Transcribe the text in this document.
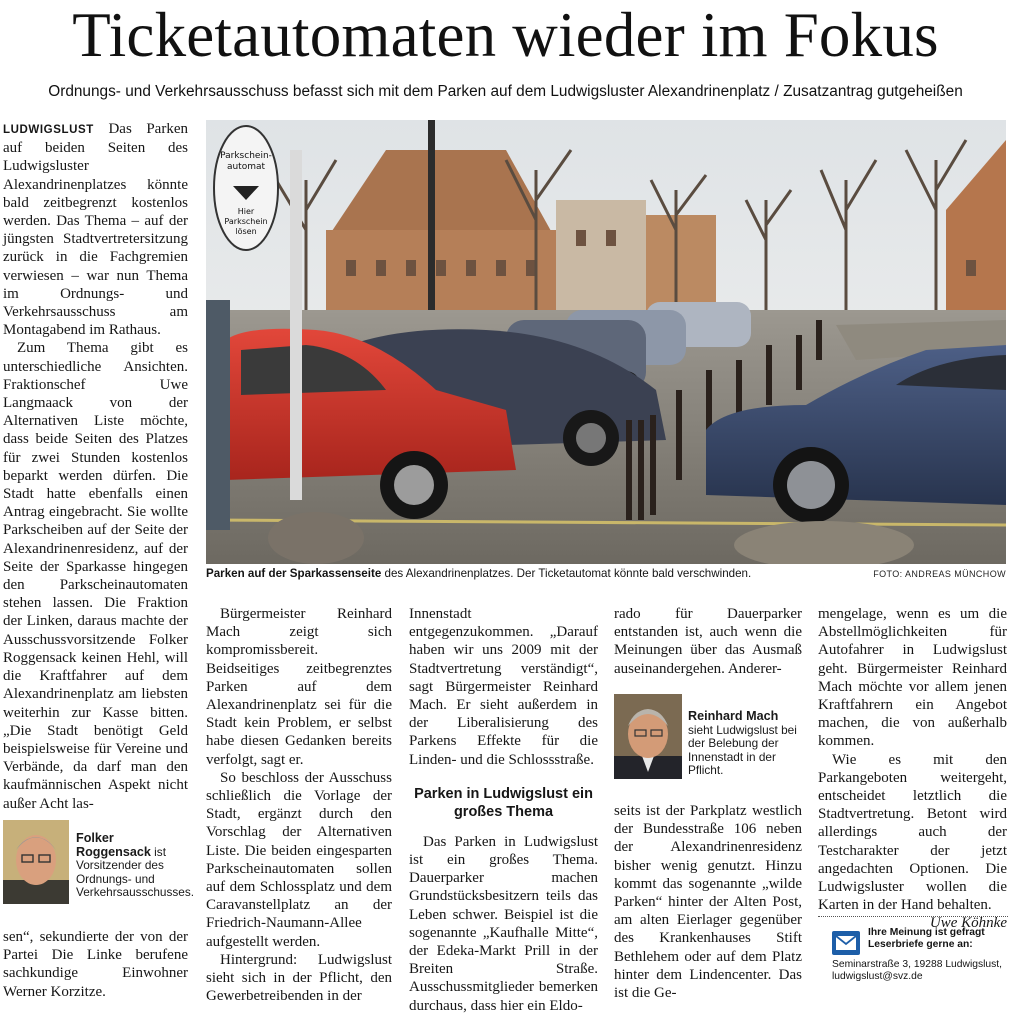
Ticketautomaten wieder im Fokus

Ordnungs- und Verkehrsausschuss befasst sich mit dem Parken auf dem Ludwigsluster Alexandrinenplatz / Zusatzantrag gutgeheißen

Parkschein-automat
Hier Parkschein lösen
Parken auf der Sparkassenseite des Alexandrinenplatzes. Der Ticketautomat könnte bald verschwinden.	FOTO: ANDREAS MÜNCHOW

LUDWIGSLUST Das Parken auf beiden Seiten des Ludwigsluster Alexandrinenplatzes könnte bald zeitbegrenzt kostenlos werden. Das Thema – auf der jüngsten Stadtvertretersitzung zurück in die Fachgremien verwiesen – war nun Thema im Ordnungs- und Verkehrsausschuss am Montagabend im Rathaus.

Zum Thema gibt es unterschiedliche Ansichten. Fraktionschef Uwe Langmaack von der Alternativen Liste möchte, dass beide Seiten des Platzes für zwei Stunden kostenlos beparkt werden dürfen. Die Stadt hatte ebenfalls einen Antrag eingebracht. Sie wollte Parkscheiben auf der Seite der Alexandrinenresidenz, auf der Seite der Sparkasse hingegen den Parkscheinautomaten stehen lassen. Die Fraktion der Linken, daraus machte der Ausschussvorsitzende Folker Roggensack keinen Hehl, will die Kraftfahrer auf dem Alexandrinenplatz am liebsten weiterhin zur Kasse bitten. „Die Stadt benötigt Geld beispielsweise für Vereine und Verbände, da darf man den kaufmännischen Aspekt nicht außer Acht las-

Folker Roggensack ist Vorsitzender des Ordnungs- und Verkehrsausschusses.

sen“, sekundierte der von der Partei Die Linke berufene sachkundige Einwohner Werner Korzitze.

Bürgermeister Reinhard Mach zeigt sich kompromissbereit. Beidseitiges zeitbegrenztes Parken auf dem Alexandrinenplatz sei für die Stadt kein Problem, er selbst habe diesen Gedanken bereits verfolgt, sagt er.

So beschloss der Ausschuss schließlich die Vorlage der Stadt, ergänzt durch den Vorschlag der Alternativen Liste. Die beiden eingesparten Parkscheinautomaten sollen auf dem Schlossplatz und dem Caravanstellplatz an der Friedrich-Naumann-Allee aufgestellt werden.

Hintergrund: Ludwigslust sieht sich in der Pflicht, den Gewerbetreibenden in der

Innenstadt entgegenzukommen. „Darauf haben wir uns 2009 mit der Stadtvertretung verständigt“, sagt Bürgermeister Reinhard Mach. Er sieht außerdem in der Liberalisierung des Parkens Effekte für die Linden- und die Schlossstraße.

Parken in Ludwigslust ein großes Thema

Das Parken in Ludwigslust ist ein großes Thema. Dauerparker machen Grundstücksbesitzern teils das Leben schwer. Beispiel ist die sogenannte „Kaufhalle Mitte“, der Edeka-Markt Prill in der Breiten Straße. Ausschussmitglieder bemerken durchaus, dass hier ein Eldo-

rado für Dauerparker entstanden ist, auch wenn die Meinungen über das Ausmaß auseinandergehen. Anderer-

Reinhard Mach
sieht Ludwigslust bei der Belebung der Innenstadt in der Pflicht.

seits ist der Parkplatz westlich der Bundesstraße 106 neben der Alexandrinenresidenz bisher wenig genutzt. Hinzu kommt das sogenannte „wilde Parken“ hinter der Alten Post, am alten Eierlager gegenüber des Krankenhauses Stift Bethlehem oder auf dem Platz hinter dem Lindencenter. Das ist die Ge-

mengelage, wenn es um die Abstellmöglichkeiten für Autofahrer in Ludwigslust geht. Bürgermeister Reinhard Mach möchte vor allem jenen Kraftfahrern ein Angebot machen, die von außerhalb kommen.

Wie es mit den Parkangeboten weitergeht, entscheidet letztlich die Stadtvertretung. Betont wird allerdings auch der Testcharakter der jetzt angedachten Optionen. Die Ludwigsluster wollen die Karten in der Hand behalten.

Uwe Köhnke

Ihre Meinung ist gefragt Leserbriefe gerne an:
Seminarstraße 3, 19288 Ludwigslust, ludwigslust@svz.de
